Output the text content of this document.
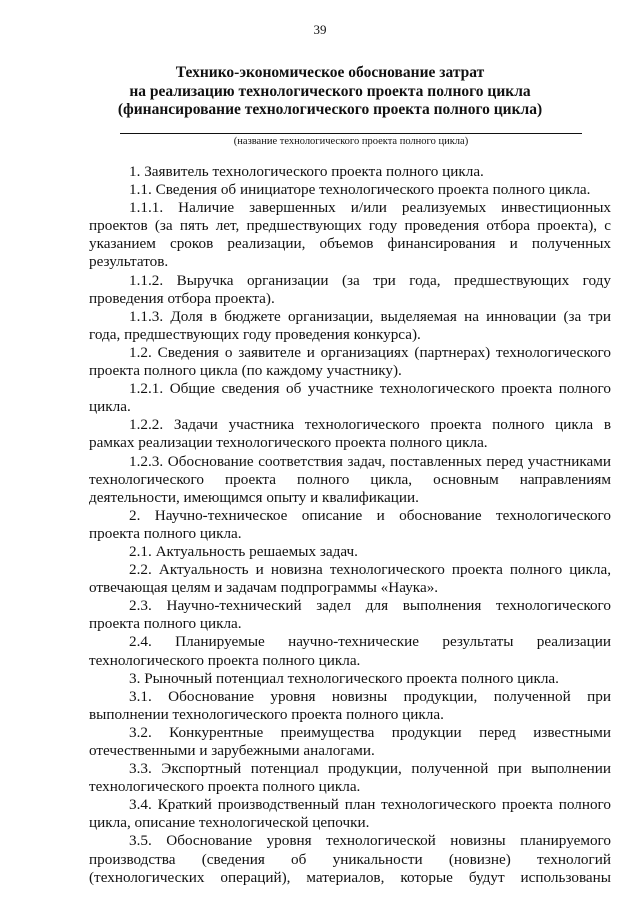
39
Технико-экономическое обоснование затрат
на реализацию технологического проекта полного цикла
(финансирование технологического проекта полного цикла)
(название технологического проекта полного цикла)

1. Заявитель технологического проекта полного цикла.

1.1. Сведения об инициаторе технологического проекта полного цикла.

1.1.1. Наличие завершенных и/или реализуемых инвестиционных проектов (за пять лет, предшествующих году проведения отбора проекта), с указанием сроков реализации, объемов финансирования и полученных результатов.

1.1.2. Выручка организации (за три года, предшествующих году проведения отбора проекта).

1.1.3. Доля в бюджете организации, выделяемая на инновации (за три года, предшествующих году проведения конкурса).

1.2. Сведения о заявителе и организациях (партнерах) технологического проекта полного цикла (по каждому участнику).

1.2.1. Общие сведения об участнике технологического проекта полного цикла.

1.2.2. Задачи участника технологического проекта полного цикла в рамках реализации технологического проекта полного цикла.

1.2.3. Обоснование соответствия задач, поставленных перед участниками технологического проекта полного цикла, основным направлениям деятельности, имеющимся опыту и квалификации.

2. Научно-техническое описание и обоснование технологического проекта полного цикла.

2.1. Актуальность решаемых задач.

2.2. Актуальность и новизна технологического проекта полного цикла, отвечающая целям и задачам подпрограммы «Наука».

2.3. Научно-технический задел для выполнения технологического проекта полного цикла.

2.4. Планируемые научно-технические результаты реализации технологического проекта полного цикла.

3. Рыночный потенциал технологического проекта полного цикла.

3.1. Обоснование уровня новизны продукции, полученной при выполнении технологического проекта полного цикла.

3.2. Конкурентные преимущества продукции перед известными отечественными и зарубежными аналогами.

3.3. Экспортный потенциал продукции, полученной при выполнении технологического проекта полного цикла.

3.4. Краткий производственный план технологического проекта полного цикла, описание технологической цепочки.

3.5. Обоснование уровня технологической новизны планируемого производства (сведения об уникальности (новизне) технологий (технологических операций), материалов, которые будут использованы
